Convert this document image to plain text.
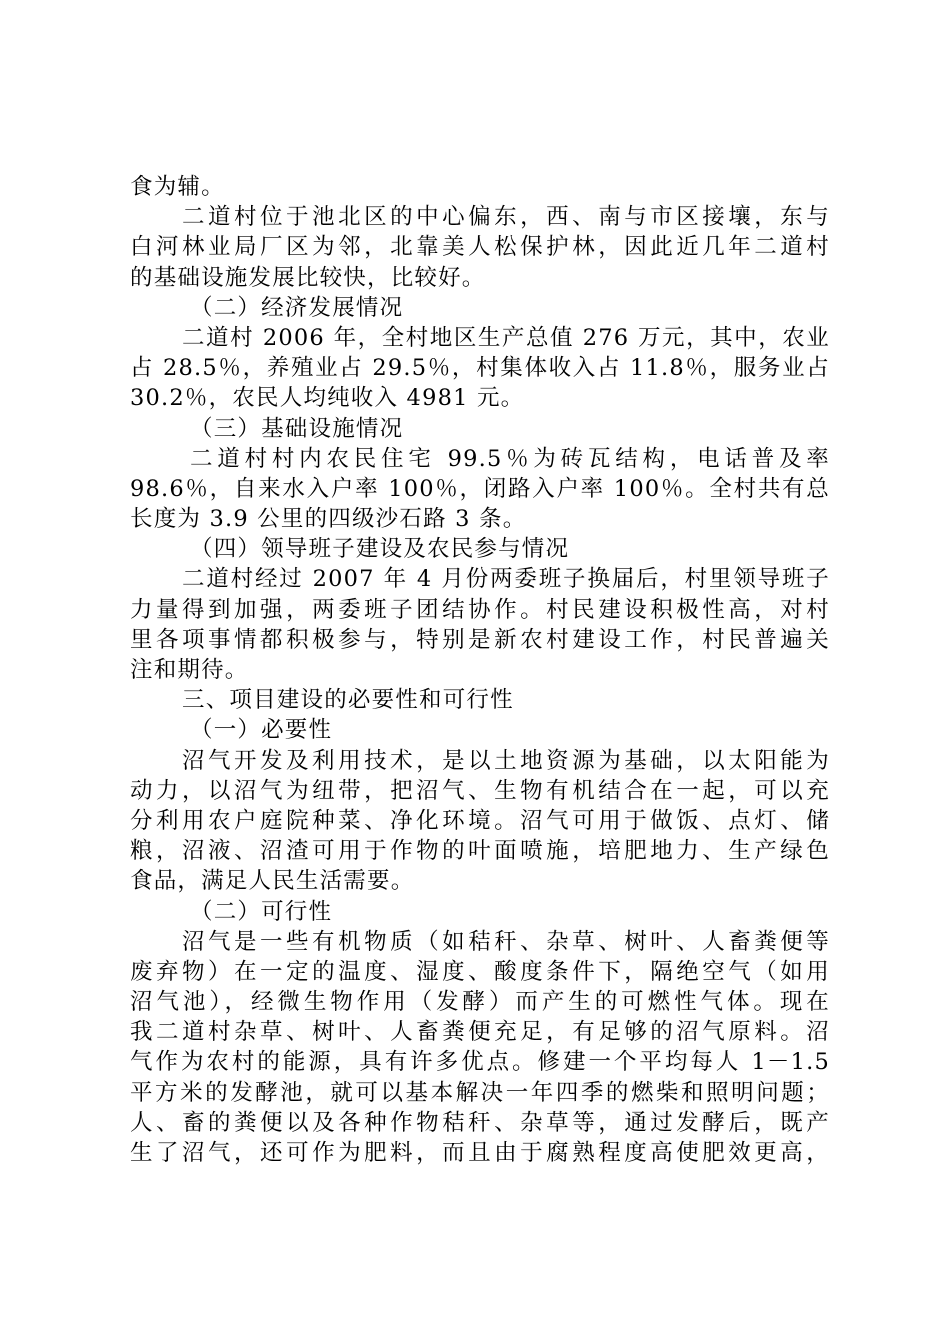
食为辅。
二道村位于池北区的中心偏东，西、南与市区接壤，东与
白河林业局厂区为邻，北靠美人松保护林，因此近几年二道村
的基础设施发展比较快，比较好。
（二）经济发展情况
二道村 2006 年，全村地区生产总值 276 万元，其中，农业
占 28.5％，养殖业占 29.5％，村集体收入占 11.8％，服务业占
30.2％，农民人均纯收入 4981 元。
（三）基础设施情况
二道村村内农民住宅 99.5％为砖瓦结构，电话普及率
98.6％，自来水入户率 100％，闭路入户率 100％。全村共有总
长度为 3.9 公里的四级沙石路 3 条。
（四）领导班子建设及农民参与情况
二道村经过 2007 年 4 月份两委班子换届后，村里领导班子
力量得到加强，两委班子团结协作。村民建设积极性高，对村
里各项事情都积极参与，特别是新农村建设工作，村民普遍关
注和期待。
三、项目建设的必要性和可行性
（一）必要性
沼气开发及利用技术，是以土地资源为基础，以太阳能为
动力，以沼气为纽带，把沼气、生物有机结合在一起，可以充
分利用农户庭院种菜、净化环境。沼气可用于做饭、点灯、储
粮，沼液、沼渣可用于作物的叶面喷施，培肥地力、生产绿色
食品，满足人民生活需要。
（二）可行性
沼气是一些有机物质（如秸秆、杂草、树叶、人畜粪便等
废弃物）在一定的温度、湿度、酸度条件下，隔绝空气（如用
沼气池），经微生物作用（发酵）而产生的可燃性气体。现在
我二道村杂草、树叶、人畜粪便充足，有足够的沼气原料。沼
气作为农村的能源，具有许多优点。修建一个平均每人 1－1.5
平方米的发酵池，就可以基本解决一年四季的燃柴和照明问题；
人、畜的粪便以及各种作物秸秆、杂草等，通过发酵后，既产
生了沼气，还可作为肥料，而且由于腐熟程度高使肥效更高，
